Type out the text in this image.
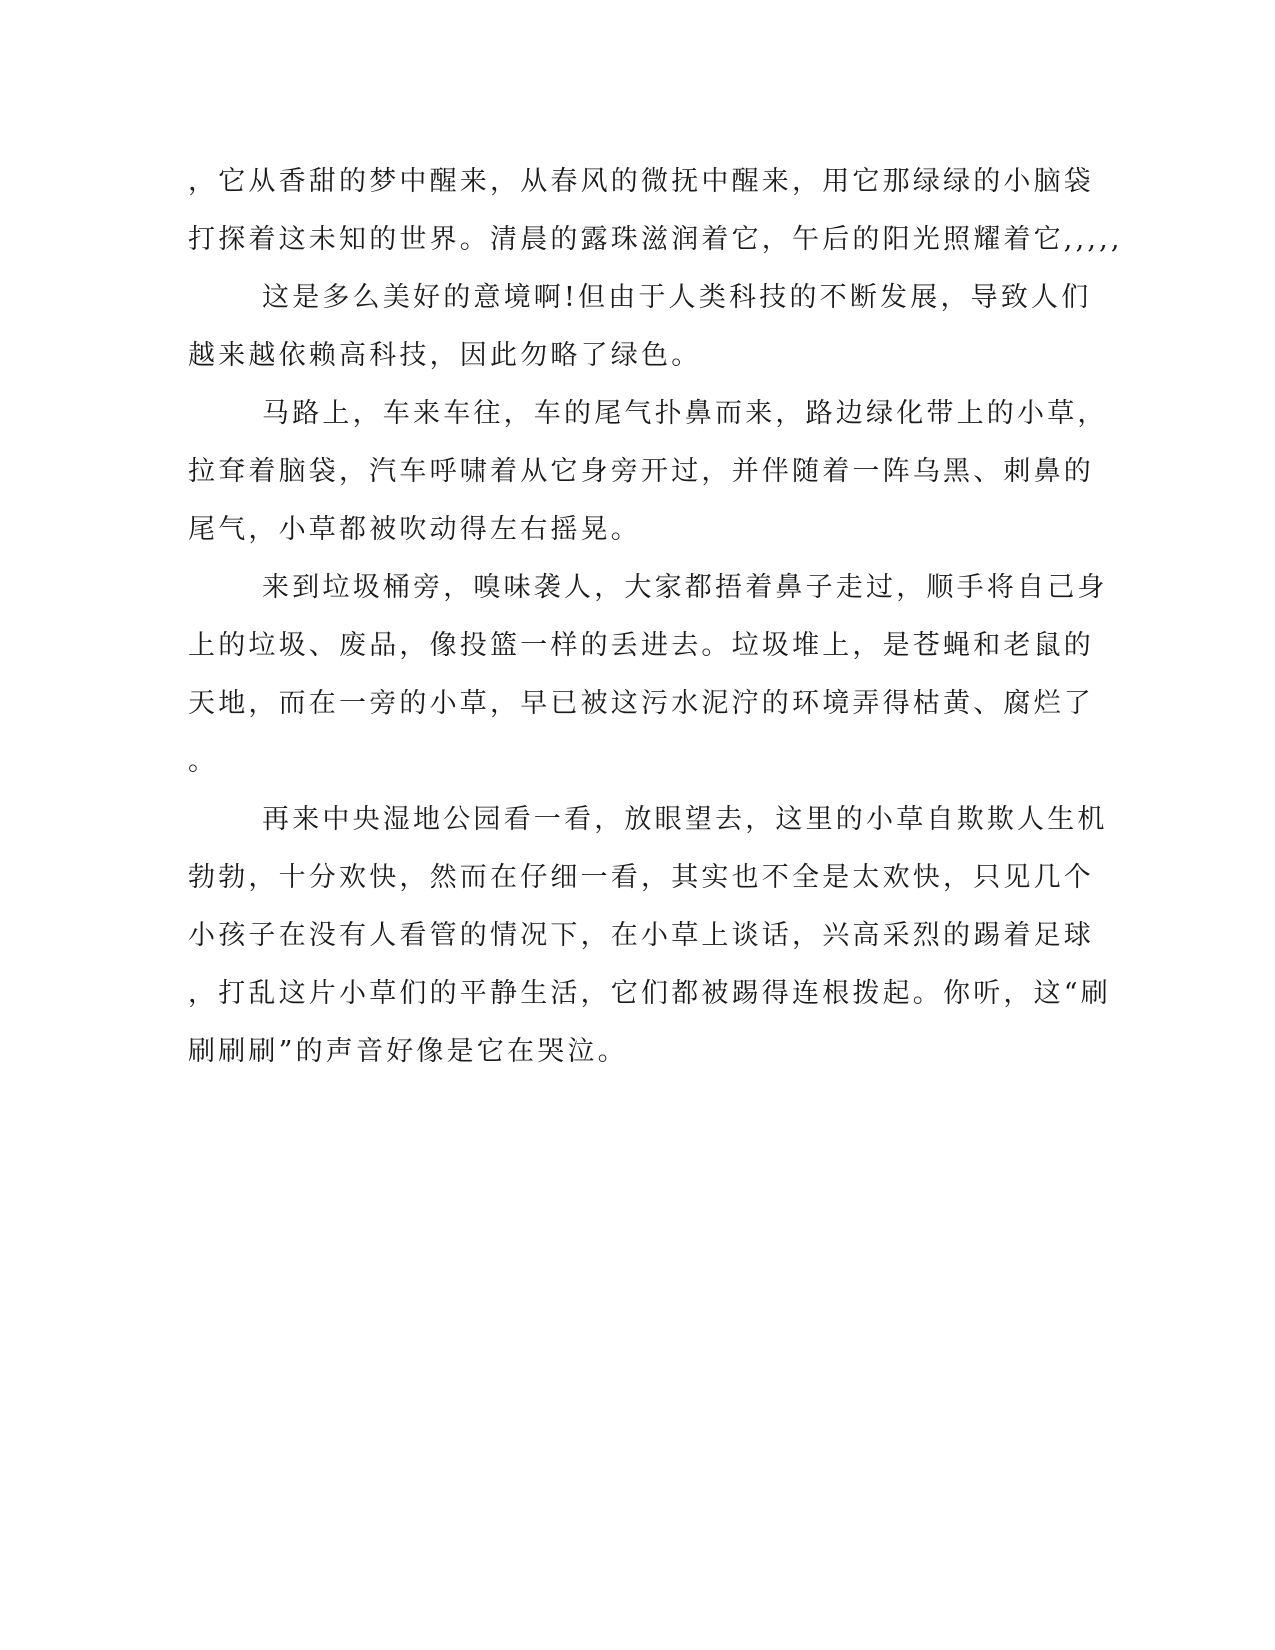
，它从香甜的梦中醒来，从春风的微抚中醒来，用它那绿绿的小脑袋
打探着这未知的世界。清晨的露珠滋润着它，午后的阳光照耀着它,,,,,
这是多么美好的意境啊!但由于人类科技的不断发展，导致人们
越来越依赖高科技，因此勿略了绿色。
马路上，车来车往，车的尾气扑鼻而来，路边绿化带上的小草，
拉耷着脑袋，汽车呼啸着从它身旁开过，并伴随着一阵乌黑、刺鼻的
尾气，小草都被吹动得左右摇晃。
来到垃圾桶旁，嗅味袭人，大家都捂着鼻子走过，顺手将自己身
上的垃圾、废品，像投篮一样的丢进去。垃圾堆上，是苍蝇和老鼠的
天地，而在一旁的小草，早已被这污水泥泞的环境弄得枯黄、腐烂了
。
再来中央湿地公园看一看，放眼望去，这里的小草自欺欺人生机
勃勃，十分欢快，然而在仔细一看，其实也不全是太欢快，只见几个
小孩子在没有人看管的情况下，在小草上谈话，兴高采烈的踢着足球
，打乱这片小草们的平静生活，它们都被踢得连根拨起。你听，这“刷
刷刷刷”的声音好像是它在哭泣。
